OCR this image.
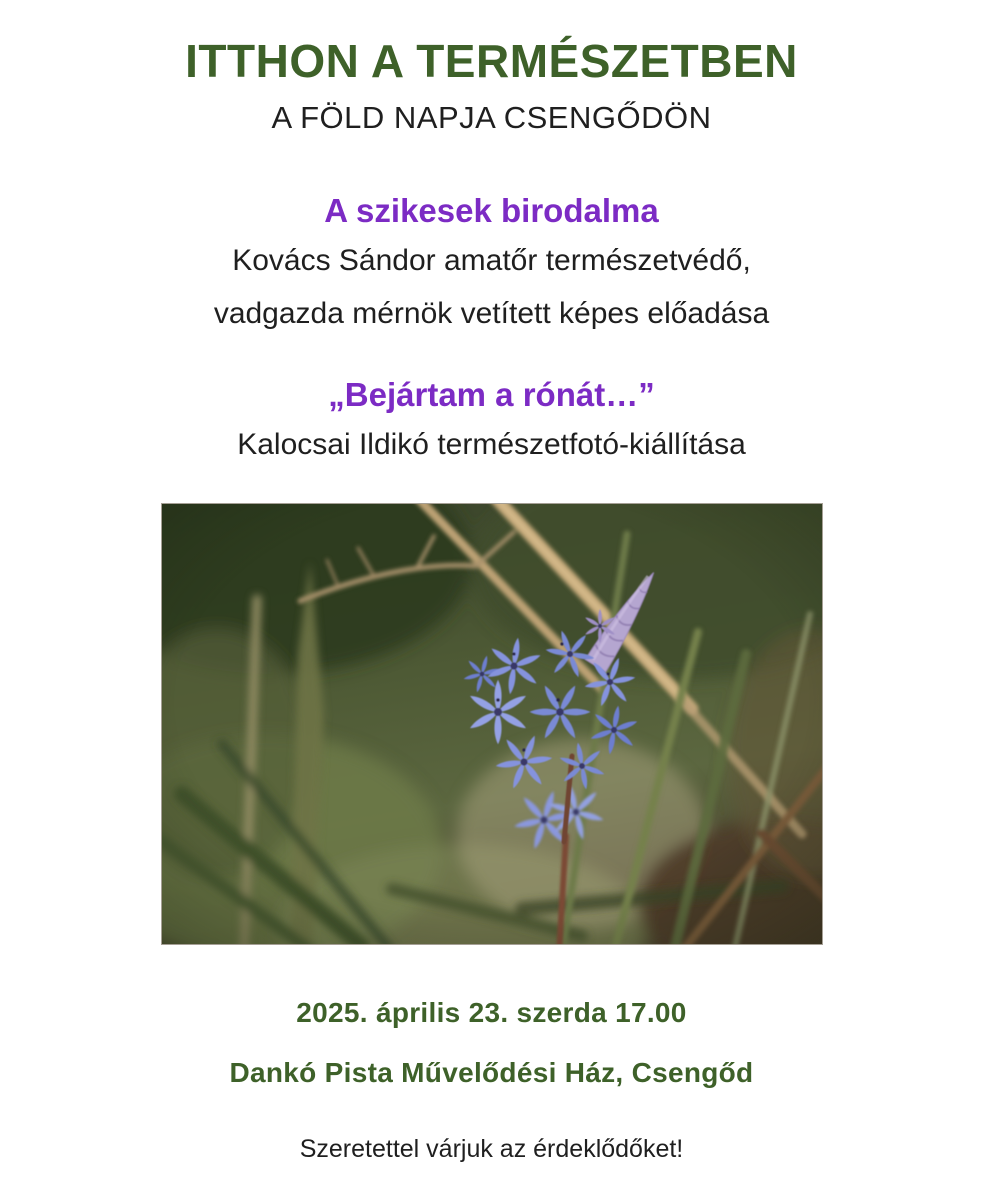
ITTHON A TERMÉSZETBEN
A FÖLD NAPJA CSENGŐDÖN
A szikesek birodalma
Kovács Sándor amatőr természetvédő,
vadgazda mérnök vetített képes előadása
„Bejártam a rónát…”
Kalocsai Ildikó természetfotó-kiállítása
2025. április 23. szerda 17.00
Dankó Pista Művelődési Ház, Csengőd
Szeretettel várjuk az érdeklődőket!
